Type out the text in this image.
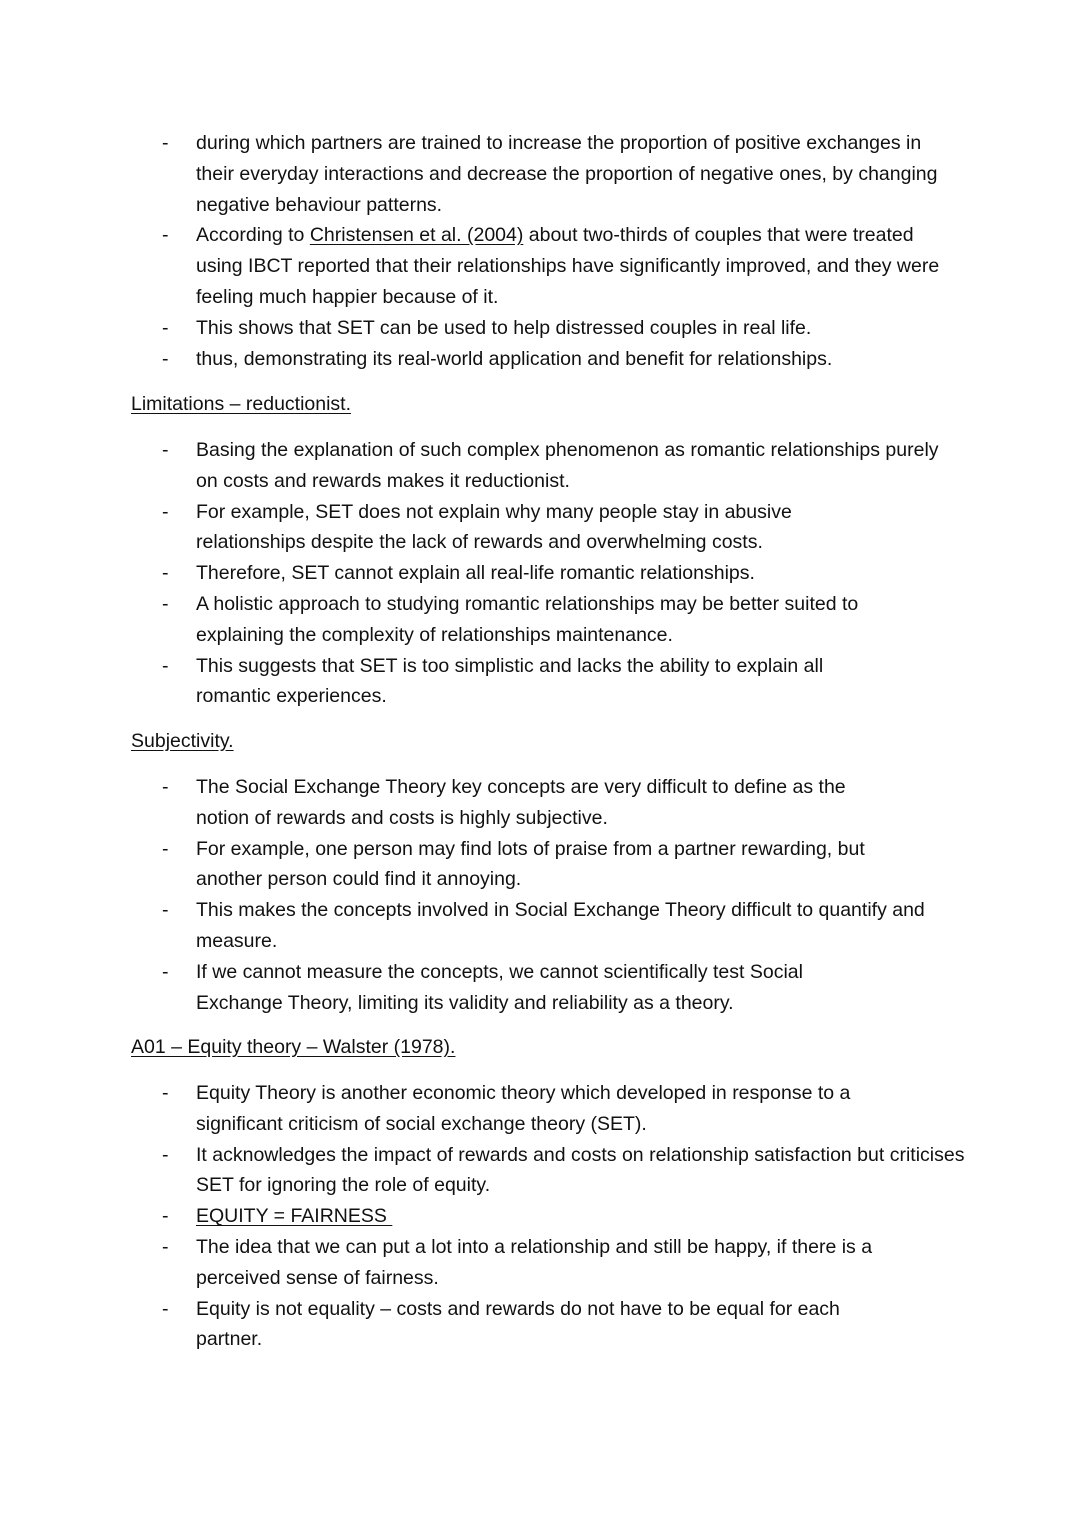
- during which partners are trained to increase the proportion of positive exchanges in their everyday interactions and decrease the proportion of negative ones, by changing negative behaviour patterns.
- According to Christensen et al. (2004) about two-thirds of couples that were treated using IBCT reported that their relationships have significantly improved, and they were feeling much happier because of it.
- This shows that SET can be used to help distressed couples in real life.
- thus, demonstrating its real-world application and benefit for relationships.
Limitations – reductionist.
- Basing the explanation of such complex phenomenon as romantic relationships purely on costs and rewards makes it reductionist.
- For example, SET does not explain why many people stay in abusive relationships despite the lack of rewards and overwhelming costs.
- Therefore, SET cannot explain all real-life romantic relationships.
- A holistic approach to studying romantic relationships may be better suited to explaining the complexity of relationships maintenance.
- This suggests that SET is too simplistic and lacks the ability to explain all romantic experiences.
Subjectivity.
- The Social Exchange Theory key concepts are very difficult to define as the notion of rewards and costs is highly subjective.
- For example, one person may find lots of praise from a partner rewarding, but another person could find it annoying.
- This makes the concepts involved in Social Exchange Theory difficult to quantify and measure.
- If we cannot measure the concepts, we cannot scientifically test Social Exchange Theory, limiting its validity and reliability as a theory.
A01 – Equity theory – Walster (1978).
- Equity Theory is another economic theory which developed in response to a significant criticism of social exchange theory (SET).
- It acknowledges the impact of rewards and costs on relationship satisfaction but criticises SET for ignoring the role of equity.
- EQUITY = FAIRNESS
- The idea that we can put a lot into a relationship and still be happy, if there is a perceived sense of fairness.
- Equity is not equality – costs and rewards do not have to be equal for each partner.
